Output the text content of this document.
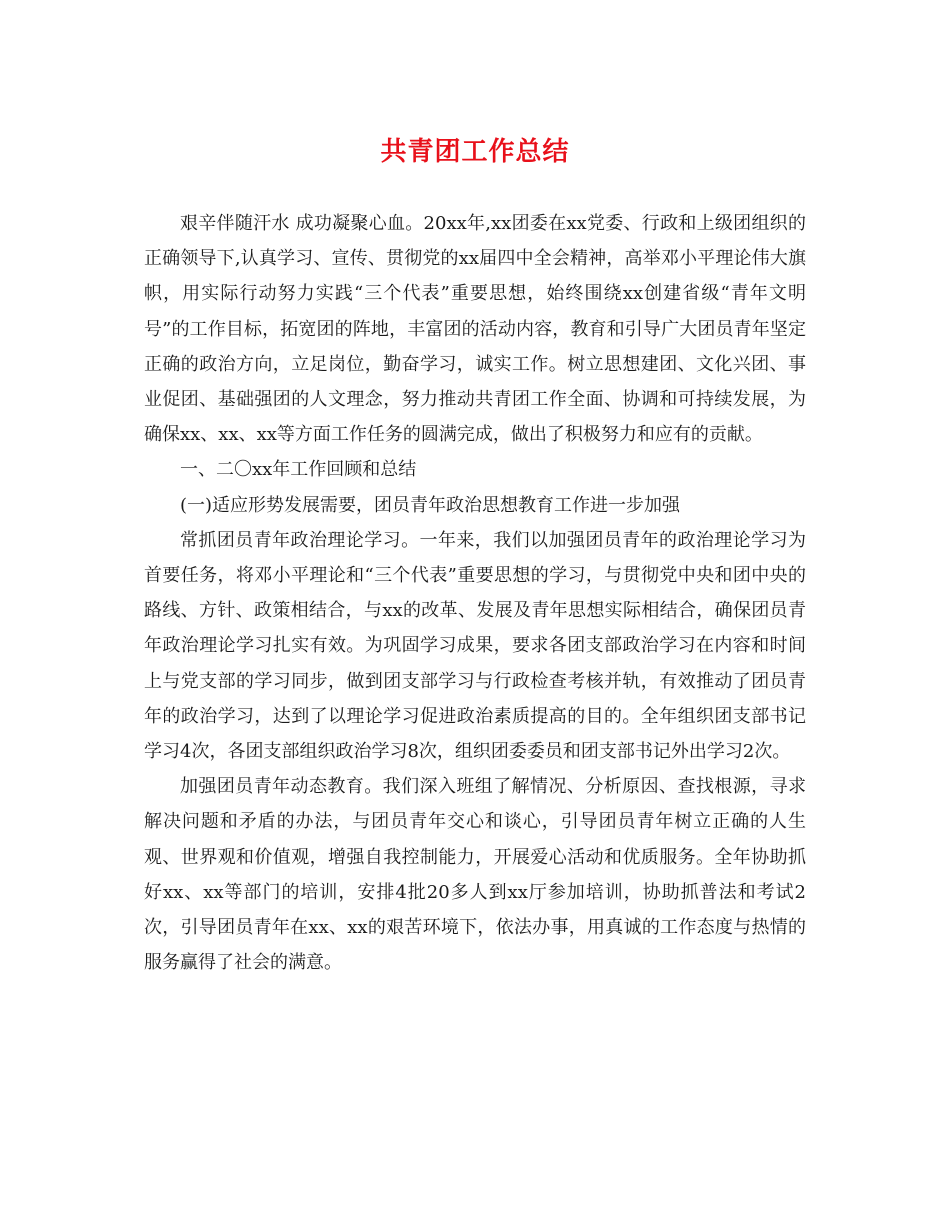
共青团工作总结

艰辛伴随汗水 成功凝聚心血。20xx年,xx团委在xx党委、行政和上级团组织的正确领导下,认真学习、宣传、贯彻党的xx届四中全会精神，高举邓小平理论伟大旗帜，用实际行动努力实践“三个代表”重要思想，始终围绕xx创建省级“青年文明号”的工作目标，拓宽团的阵地，丰富团的活动内容，教育和引导广大团员青年坚定正确的政治方向，立足岗位，勤奋学习，诚实工作。树立思想建团、文化兴团、事业促团、基础强团的人文理念，努力推动共青团工作全面、协调和可持续发展，为确保xx、xx、xx等方面工作任务的圆满完成，做出了积极努力和应有的贡献。

一、二〇xx年工作回顾和总结

(一)适应形势发展需要，团员青年政治思想教育工作进一步加强

常抓团员青年政治理论学习。一年来，我们以加强团员青年的政治理论学习为首要任务，将邓小平理论和“三个代表”重要思想的学习，与贯彻党中央和团中央的路线、方针、政策相结合，与xx的改革、发展及青年思想实际相结合，确保团员青年政治理论学习扎实有效。为巩固学习成果，要求各团支部政治学习在内容和时间上与党支部的学习同步，做到团支部学习与行政检查考核并轨，有效推动了团员青年的政治学习，达到了以理论学习促进政治素质提高的目的。全年组织团支部书记学习4次，各团支部组织政治学习8次，组织团委委员和团支部书记外出学习2次。

加强团员青年动态教育。我们深入班组了解情况、分析原因、查找根源，寻求解决问题和矛盾的办法，与团员青年交心和谈心，引导团员青年树立正确的人生观、世界观和价值观，增强自我控制能力，开展爱心活动和优质服务。全年协助抓好xx、xx等部门的培训，安排4批20多人到xx厅参加培训，协助抓普法和考试2次，引导团员青年在xx、xx的艰苦环境下，依法办事，用真诚的工作态度与热情的服务赢得了社会的满意。
